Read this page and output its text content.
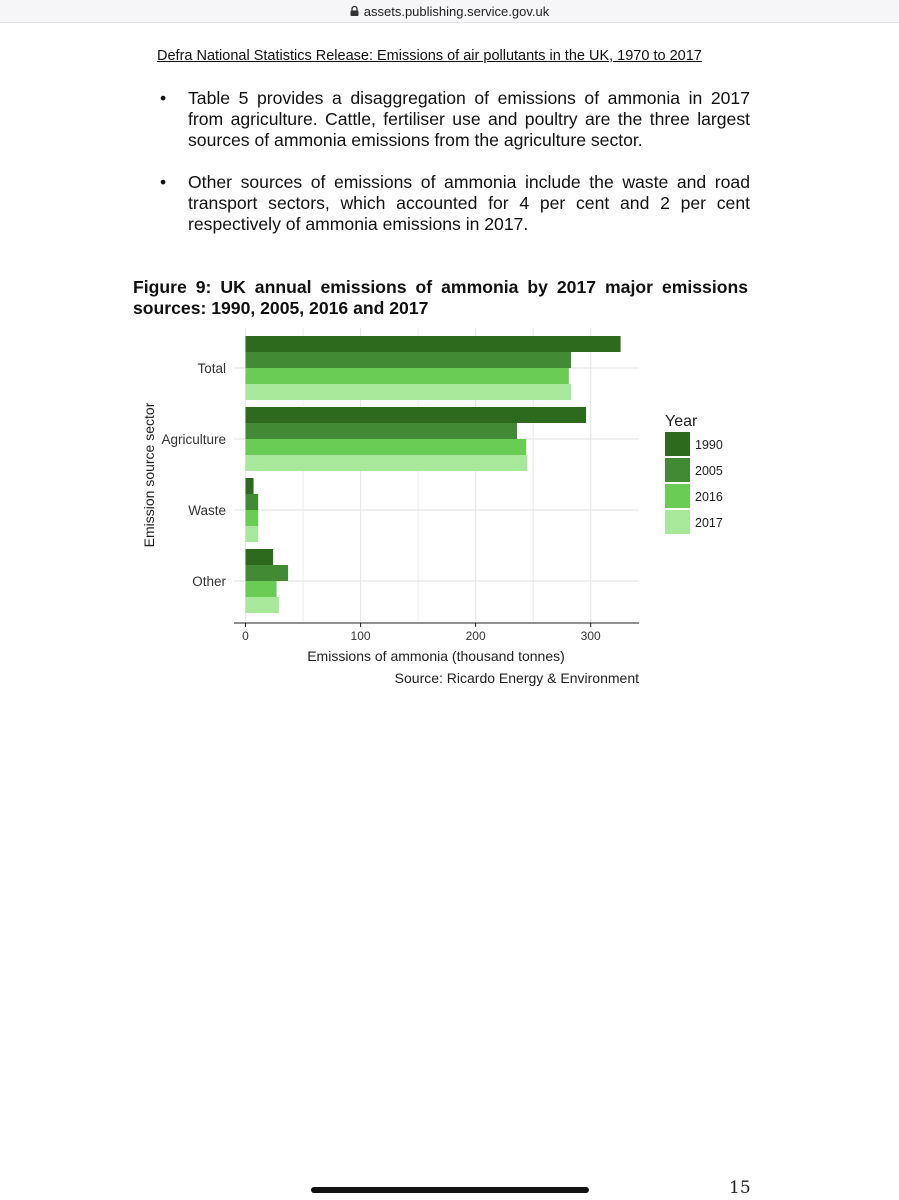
assets.publishing.service.gov.uk
Defra National Statistics Release: Emissions of air pollutants in the UK, 1970 to 2017
• Table 5 provides a disaggregation of emissions of ammonia in 2017 from agriculture. Cattle, fertiliser use and poultry are the three largest sources of ammonia emissions from the agriculture sector.
• Other sources of emissions of ammonia include the waste and road transport sectors, which accounted for 4 per cent and 2 per cent respectively of ammonia emissions in 2017.
Figure 9: UK annual emissions of ammonia by 2017 major emissions sources: 1990, 2005, 2016 and 2017
0	100	200	300
Total
Agriculture
Waste
Other
Emissions of ammonia (thousand tonnes)
Emission source sector
Source: Ricardo Energy & Environment
Year
1990
2005
2016
2017
15
